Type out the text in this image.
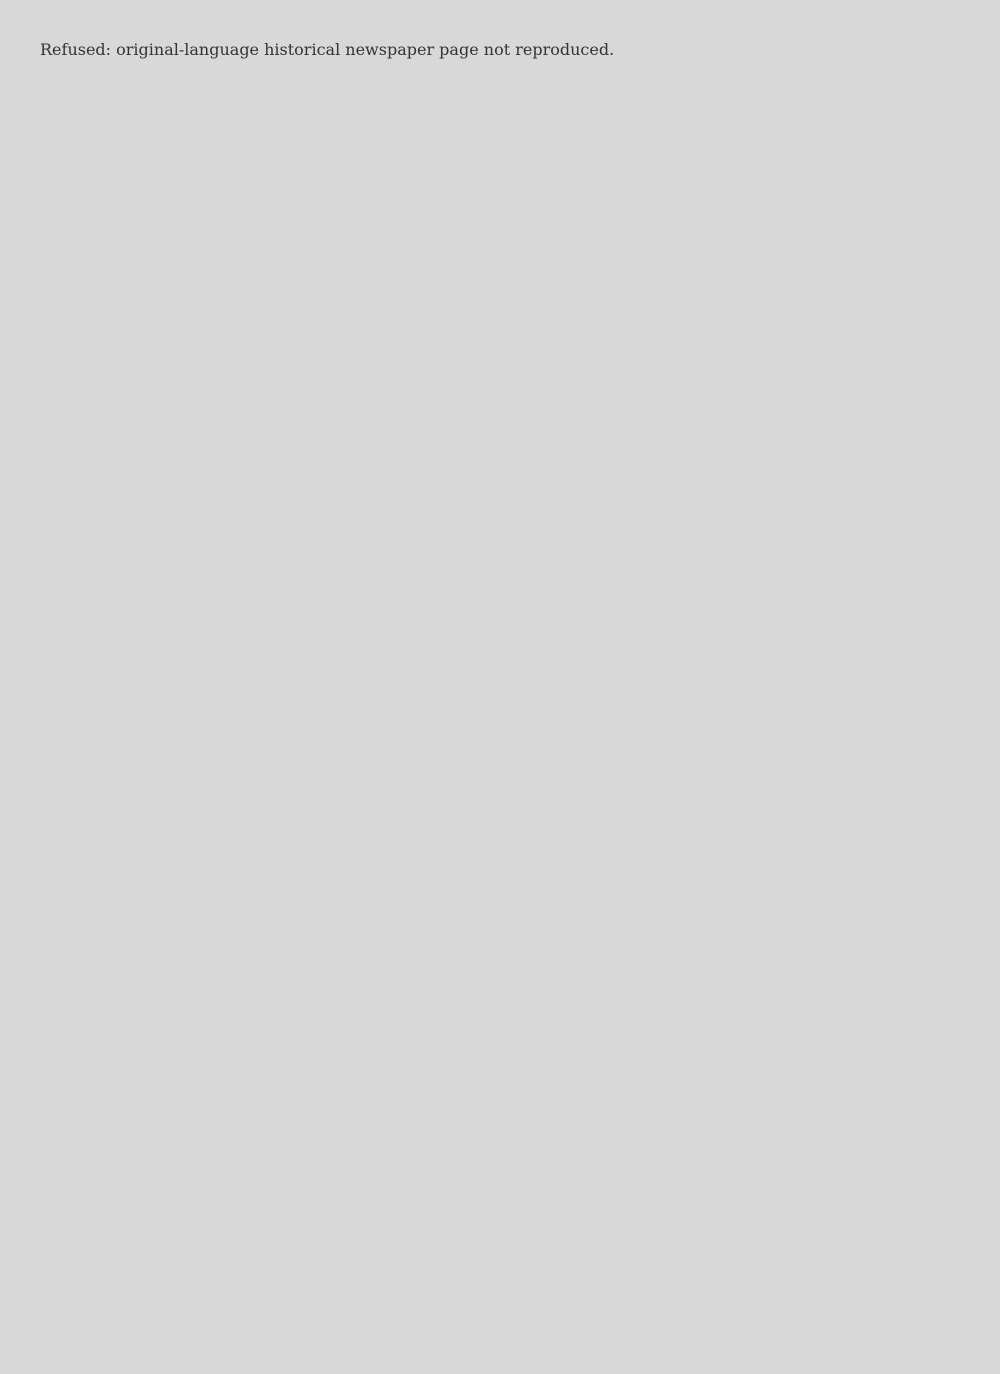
Refused: original-language historical newspaper page not reproduced.
